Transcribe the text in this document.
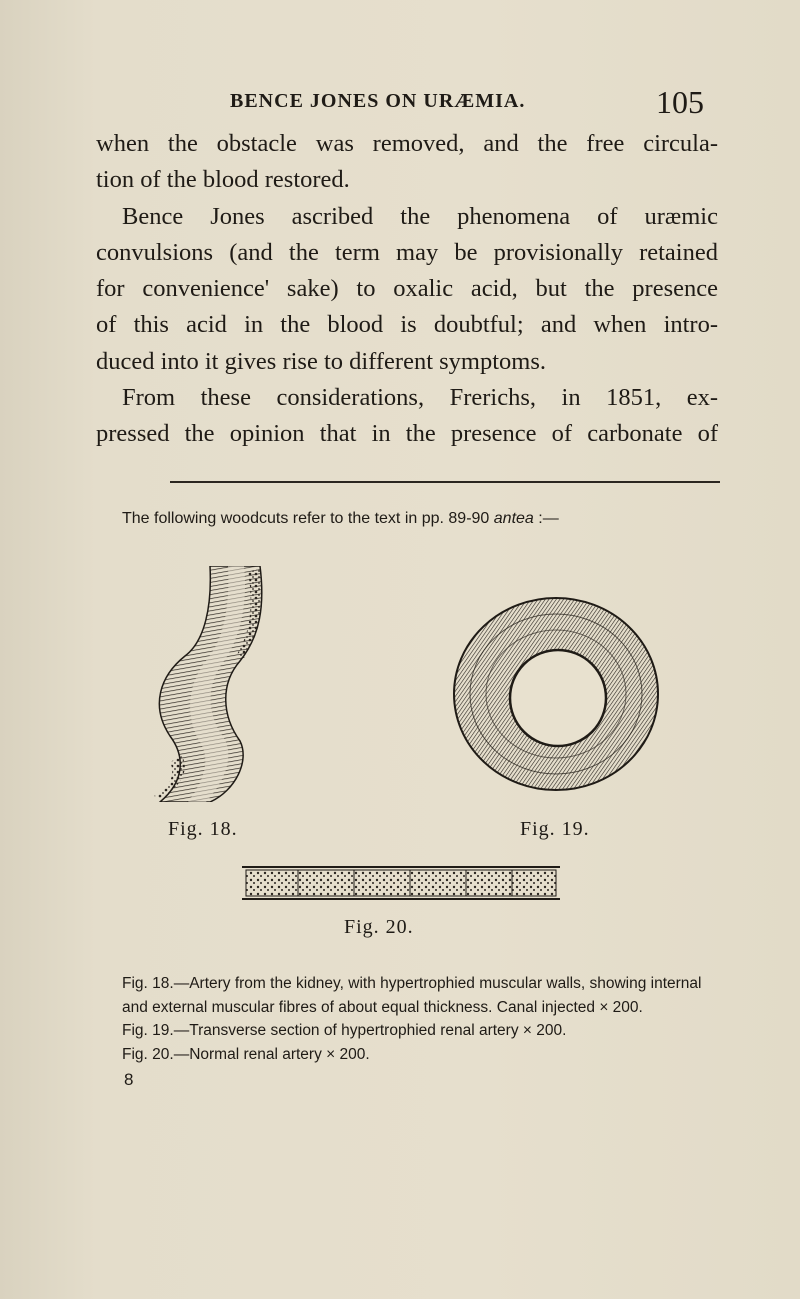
BENCE JONES ON URÆMIA.	105
when the obstacle was removed, and the free circula-
tion of the blood restored.
Bence Jones ascribed the phenomena of uræmic
convulsions (and the term may be provisionally retained
for convenience' sake) to oxalic acid, but the presence
of this acid in the blood is doubtful; and when intro-
duced into it gives rise to different symptoms.
From these considerations, Frerichs, in 1851, ex-
pressed the opinion that in the presence of carbonate of
The following woodcuts refer to the text in pp. 89-90 antea :—
Fig. 18.	Fig. 19.
Fig. 20.
Fig. 18.—Artery from the kidney, with hypertrophied muscular walls, showing internal and external muscular fibres of about equal thickness. Canal injected × 200.
Fig. 19.—Transverse section of hypertrophied renal artery × 200.
Fig. 20.—Normal renal artery × 200.
8
